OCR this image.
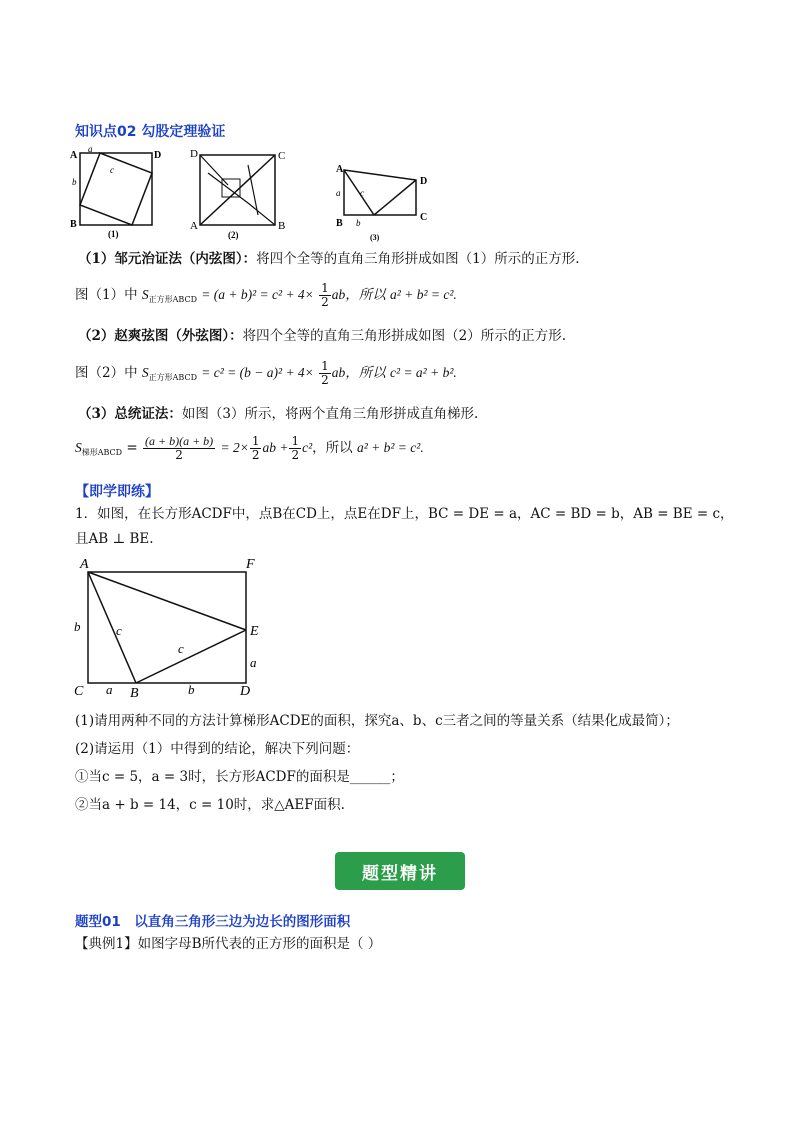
知识点02 勾股定理验证
A	D
B
a
b
c
(1)
D	C
A	B
(2)
A
D
B
C
a
b
c
(3)
（1）邹元治证法（内弦图）：将四个全等的直角三角形拼成如图（1）所示的正方形.
图（1）中 $S_{正方形ABCD} = (a + b)^2 = c^2 + 4\times \frac{1}{2}$ ab，所以 a² + b² = c².
（2）赵爽弦图（外弦图）：将四个全等的直角三角形拼成如图（2）所示的正方形.
图（2）中 $S_{正方形ABCD} = c^2 = (b - a)^2 + 4\times \frac{1}{2}$ ab，所以 c² = a² + b².
（3）总统证法：如图（3）所示，将两个直角三角形拼成直角梯形.
$S_{梯形ABCD} = \frac{(a + b)(a + b)}{2} = 2\times \frac{1}{2}$ ab + $\frac{1}{2} c^2$，所以 a² + b² = c².
【即学即练】
1．如图，在长方形ACDF中，点B在CD上，点E在DF上，BC = DE = a，AC = BD = b，AB = BE = c，
且AB ⊥ BE.
A	F
E
C	B	D
b	c
c
a
a	b
(1)请用两种不同的方法计算梯形ACDE的面积，探究a、b、c三者之间的等量关系（结果化成最简）；
(2)请运用（1）中得到的结论，解决下列问题：
①当c = 5，a = 3时，长方形ACDF的面积是______；
②当a + b = 14，c = 10时，求△AEF面积.
题型精讲
题型01　以直角三角形三边为边长的图形面积
【典例1】如图字母B所代表的正方形的面积是（ ）
